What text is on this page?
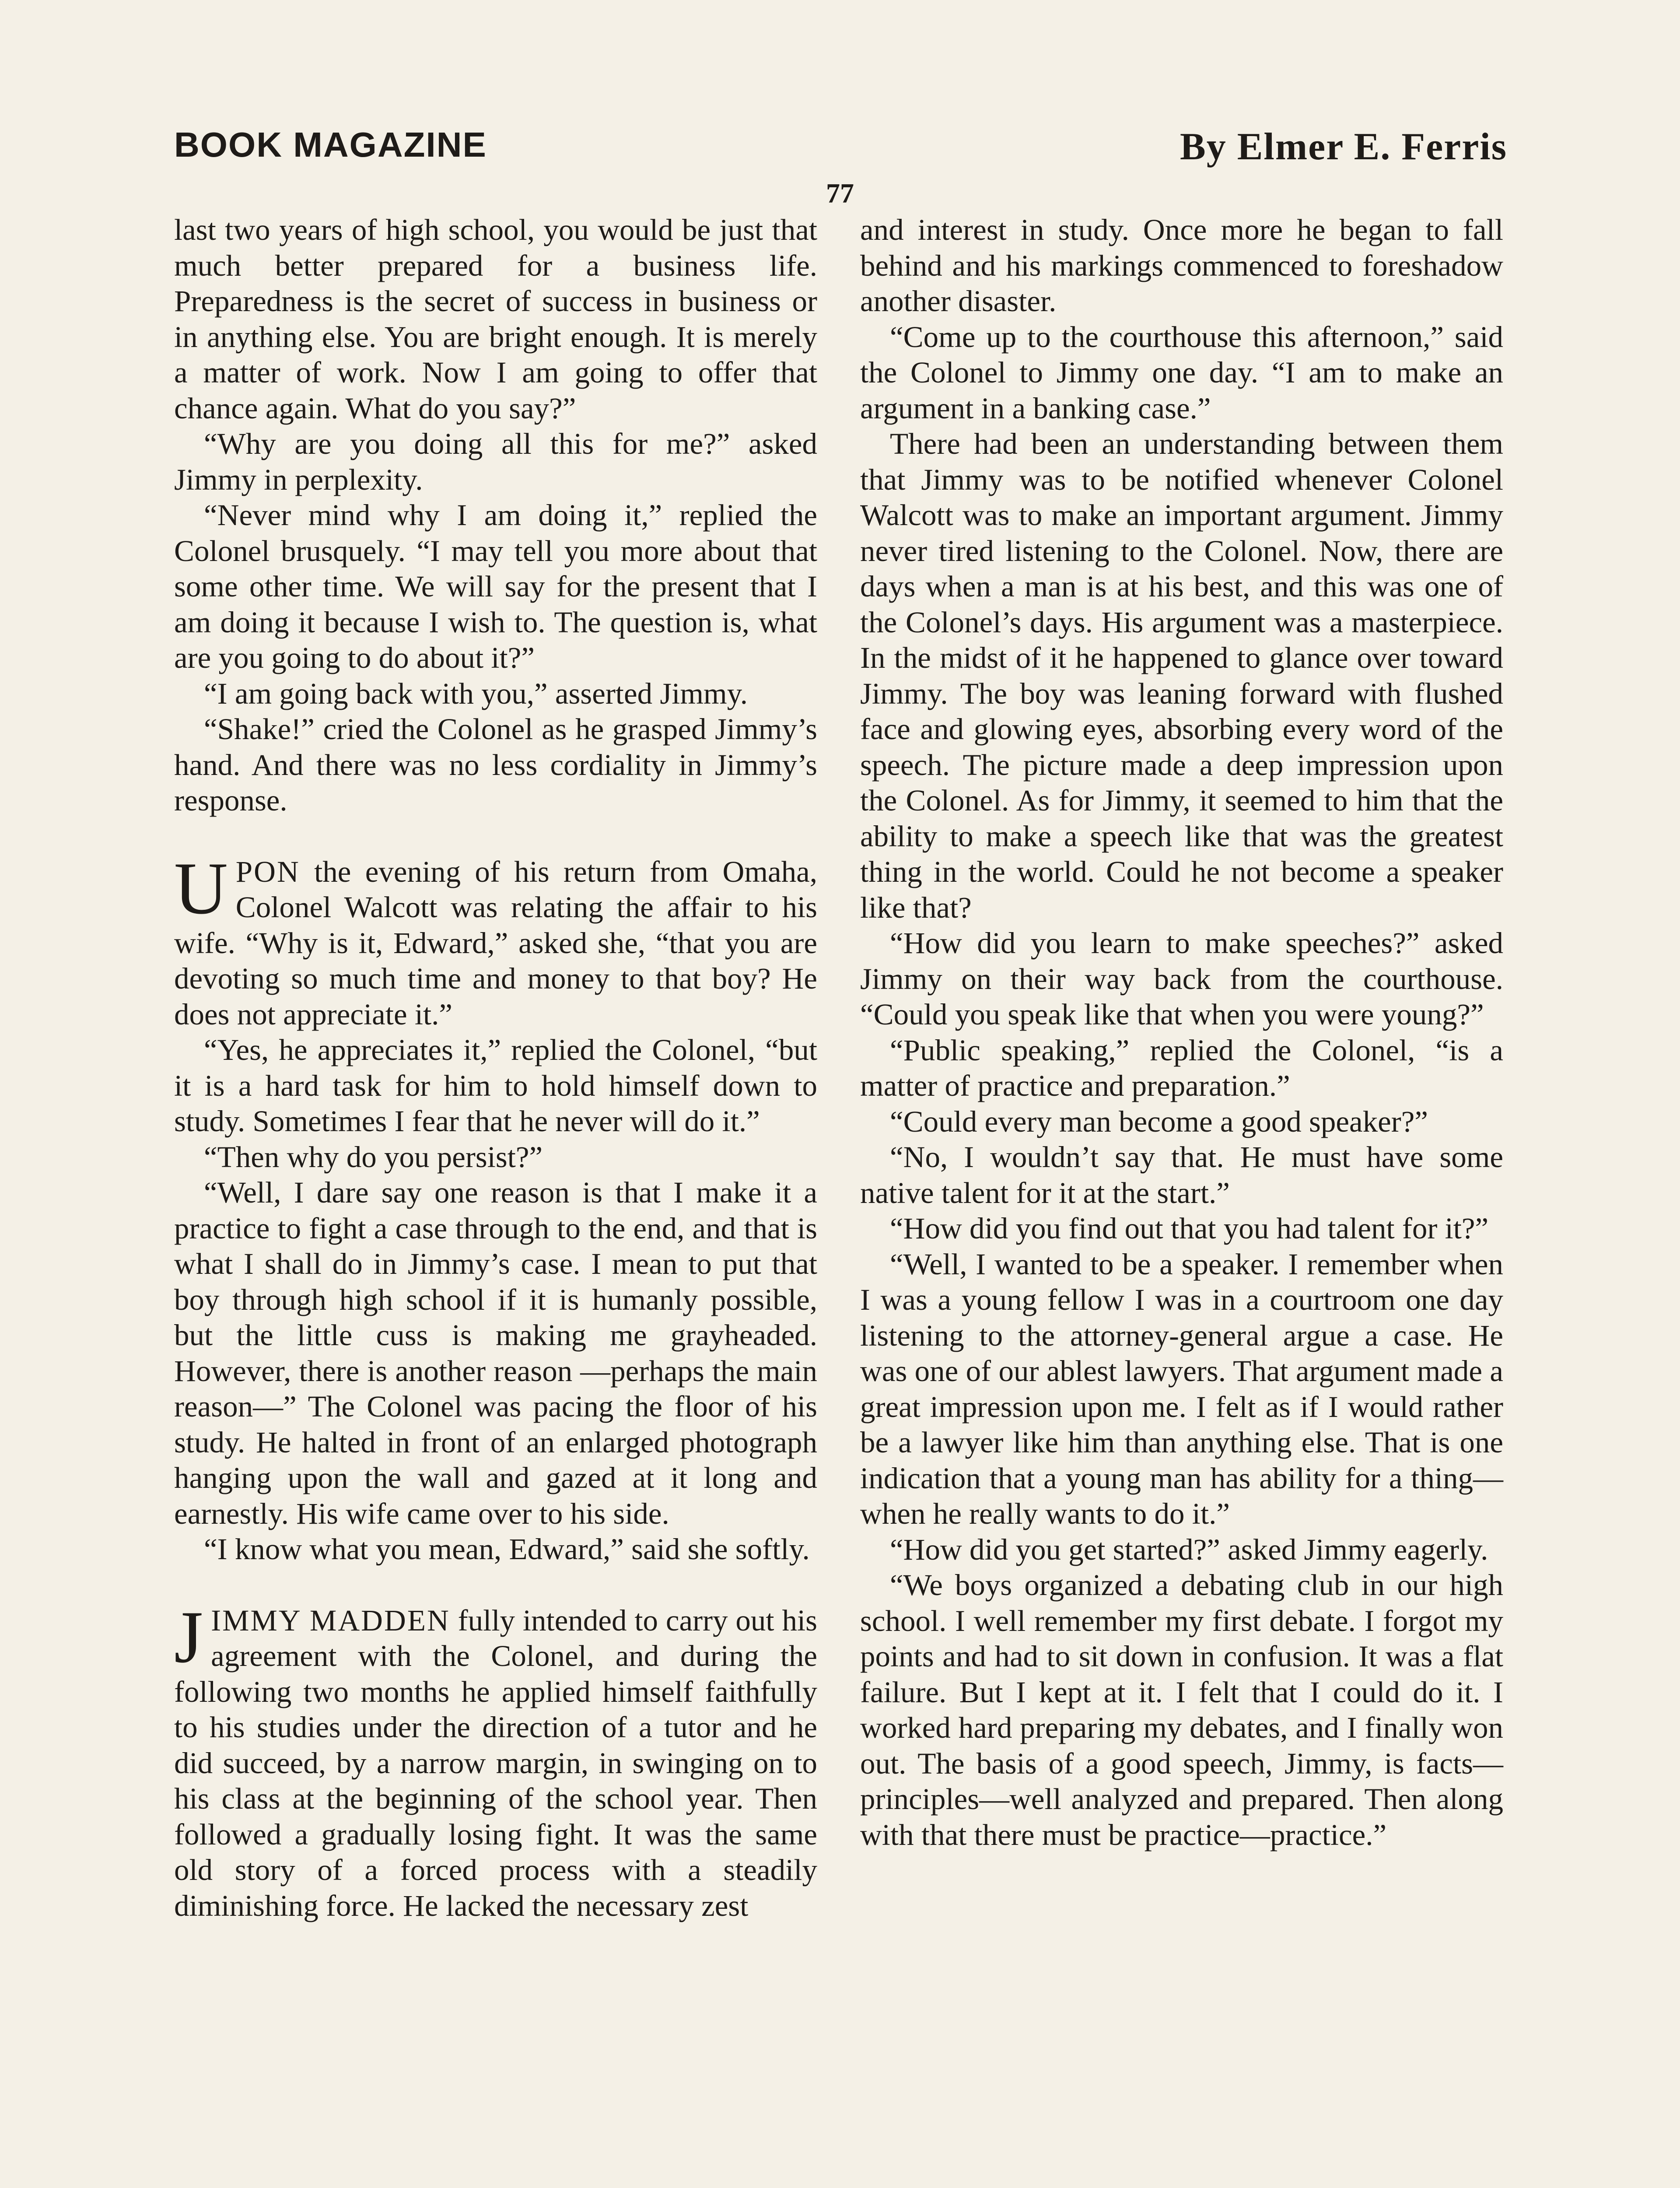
BOOK MAGAZINE	By Elmer E. Ferris
77

last two years of high school, you would be just that much better prepared for a business life. Preparedness is the secret of success in business or in anything else. You are bright enough. It is merely a matter of work. Now I am going to offer that chance again. What do you say?”

“Why are you doing all this for me?” asked Jimmy in perplexity.

“Never mind why I am doing it,” replied the Colonel brusquely. “I may tell you more about that some other time. We will say for the present that I am doing it because I wish to. The question is, what are you going to do about it?”

“I am going back with you,” asserted Jimmy.

“Shake!” cried the Colonel as he grasped Jimmy’s hand. And there was no less cordiality in Jimmy’s response.

UPON the evening of his return from Omaha, Colonel Walcott was relating the affair to his wife. “Why is it, Edward,” asked she, “that you are devoting so much time and money to that boy? He does not appreciate it.”

“Yes, he appreciates it,” replied the Colonel, “but it is a hard task for him to hold himself down to study. Sometimes I fear that he never will do it.”

“Then why do you persist?”

“Well, I dare say one reason is that I make it a practice to fight a case through to the end, and that is what I shall do in Jimmy’s case. I mean to put that boy through high school if it is humanly possible, but the little cuss is making me grayheaded. However, there is another reason —perhaps the main reason—” The Colonel was pacing the floor of his study. He halted in front of an enlarged photograph hanging upon the wall and gazed at it long and earnestly. His wife came over to his side.

“I know what you mean, Edward,” said she softly.

JIMMY MADDEN fully intended to carry out his agreement with the Colonel, and during the following two months he applied himself faithfully to his studies under the direction of a tutor and he did succeed, by a narrow margin, in swinging on to his class at the beginning of the school year. Then followed a gradually losing fight. It was the same old story of a forced process with a steadily diminishing force. He lacked the necessary zest

and interest in study. Once more he began to fall behind and his markings commenced to foreshadow another disaster.

“Come up to the courthouse this afternoon,” said the Colonel to Jimmy one day. “I am to make an argument in a banking case.”

There had been an understanding between them that Jimmy was to be notified whenever Colonel Walcott was to make an important argument. Jimmy never tired listening to the Colonel. Now, there are days when a man is at his best, and this was one of the Colonel’s days. His argument was a masterpiece. In the midst of it he happened to glance over toward Jimmy. The boy was leaning forward with flushed face and glowing eyes, absorbing every word of the speech. The picture made a deep impression upon the Colonel. As for Jimmy, it seemed to him that the ability to make a speech like that was the greatest thing in the world. Could he not become a speaker like that?

“How did you learn to make speeches?” asked Jimmy on their way back from the courthouse. “Could you speak like that when you were young?”

“Public speaking,” replied the Colonel, “is a matter of practice and preparation.”

“Could every man become a good speaker?”

“No, I wouldn’t say that. He must have some native talent for it at the start.”

“How did you find out that you had talent for it?”

“Well, I wanted to be a speaker. I remember when I was a young fellow I was in a courtroom one day listening to the attorney-general argue a case. He was one of our ablest lawyers. That argument made a great impression upon me. I felt as if I would rather be a lawyer like him than anything else. That is one indication that a young man has ability for a thing—when he really wants to do it.”

“How did you get started?” asked Jimmy eagerly.

“We boys organized a debating club in our high school. I well remember my first debate. I forgot my points and had to sit down in confusion. It was a flat failure. But I kept at it. I felt that I could do it. I worked hard preparing my debates, and I finally won out. The basis of a good speech, Jimmy, is facts—principles—well analyzed and prepared. Then along with that there must be practice—practice.”
